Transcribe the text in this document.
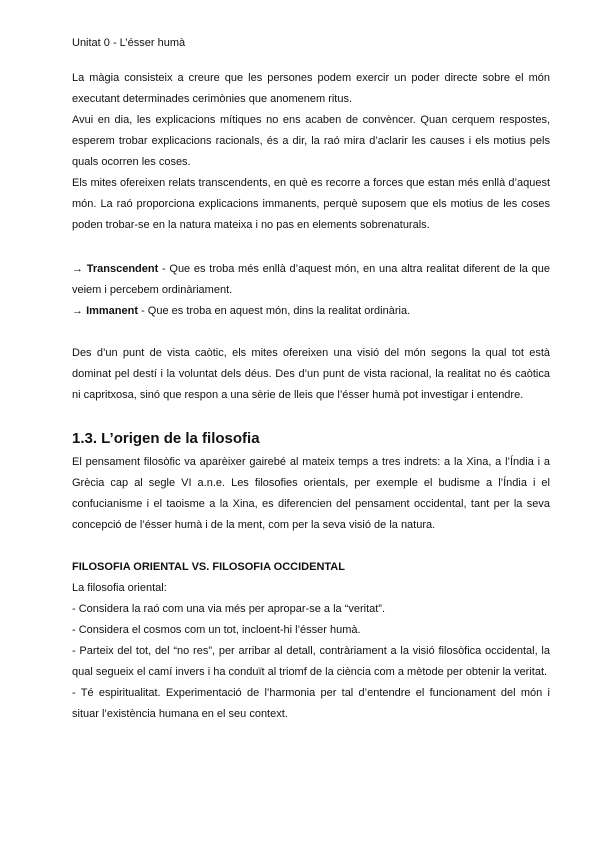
Unitat 0 - L’ésser humà

La màgia consisteix a creure que les persones podem exercir un poder directe sobre el món executant determinades cerimònies que anomenem ritus.

Avui en dia, les explicacions mítiques no ens acaben de convèncer. Quan cerquem respostes, esperem trobar explicacions racionals, és a dir, la raó mira d’aclarir les causes i els motius pels quals ocorren les coses.

Els mites ofereixen relats transcendents, en què es recorre a forces que estan més enllà d’aquest món. La raó proporciona explicacions immanents, perquè suposem que els motius de les coses poden trobar-se en la natura mateixa i no pas en elements sobrenaturals.

→ Transcendent - Que es troba més enllà d’aquest món, en una altra realitat diferent de la que veiem i percebem ordinàriament.

→ Immanent - Que es troba en aquest món, dins la realitat ordinària.

Des d’un punt de vista caòtic, els mites ofereixen una visió del món segons la qual tot està dominat pel destí i la voluntat dels déus. Des d’un punt de vista racional, la realitat no és caòtica ni capritxosa, sinó que respon a una sèrie de lleis que l’ésser humà pot investigar i entendre.
1.3. L’origen de la filosofia
El pensament filosòfic va aparèixer gairebé al mateix temps a tres indrets: a la Xina, a l’Índia i a Grècia cap al segle VI a.n.e. Les filosofies orientals, per exemple el budisme a l’Índia i el confucianisme i el taoisme a la Xina, es diferencien del pensament occidental, tant per la seva concepció de l’ésser humà i de la ment, com per la seva visió de la natura.
FILOSOFIA ORIENTAL VS. FILOSOFIA OCCIDENTAL

La filosofia oriental:

- Considera la raó com una via més per apropar-se a la “veritat”.

- Considera el cosmos com un tot, incloent-hi l’ésser humà.

- Parteix del tot, del “no res”, per arribar al detall, contràriament a la visió filosòfica occidental, la qual segueix el camí invers i ha conduït al triomf de la ciència com a mètode per obtenir la veritat.

- Té espiritualitat. Experimentació de l’harmonia per tal d’entendre el funcionament del món i situar l’existència humana en el seu context.
